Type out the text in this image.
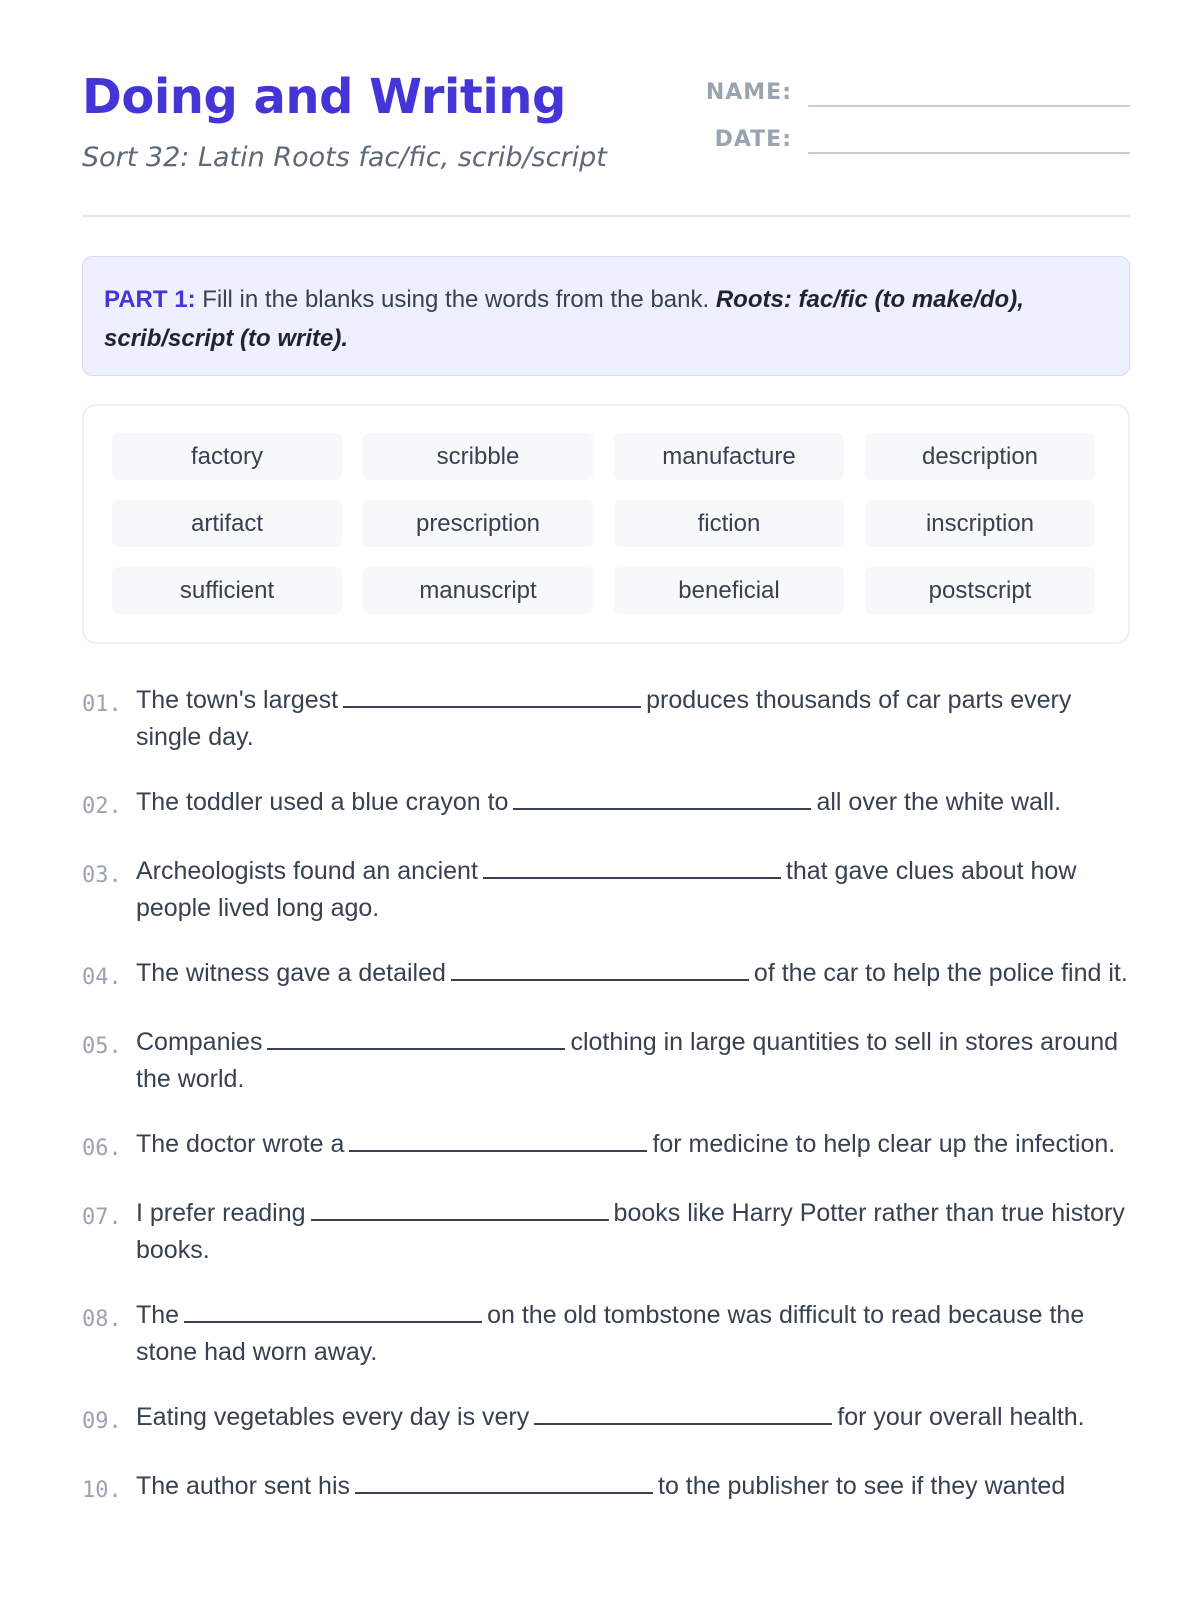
Doing and Writing
Sort 32: Latin Roots fac/fic, scrib/script
NAME:
DATE:
PART 1: Fill in the blanks using the words from the bank. Roots: fac/fic (to make/do), scrib/script (to write).
factory	scribble	manufacture	description
artifact	prescription	fiction	inscription
sufficient	manuscript	beneficial	postscript
01. The town's largest	produces thousands of car parts every single day.
02. The toddler used a blue crayon to	all over the white wall.
03. Archeologists found an ancient	that gave clues about how people lived long ago.
04. The witness gave a detailed	of the car to help the police find it.
05. Companies	clothing in large quantities to sell in stores around the world.
06. The doctor wrote a	for medicine to help clear up the infection.
07. I prefer reading	books like Harry Potter rather than true history books.
08. The	on the old tombstone was difficult to read because the stone had worn away.
09. Eating vegetables every day is very	for your overall health.
10. The author sent his	to the publisher to see if they wanted
